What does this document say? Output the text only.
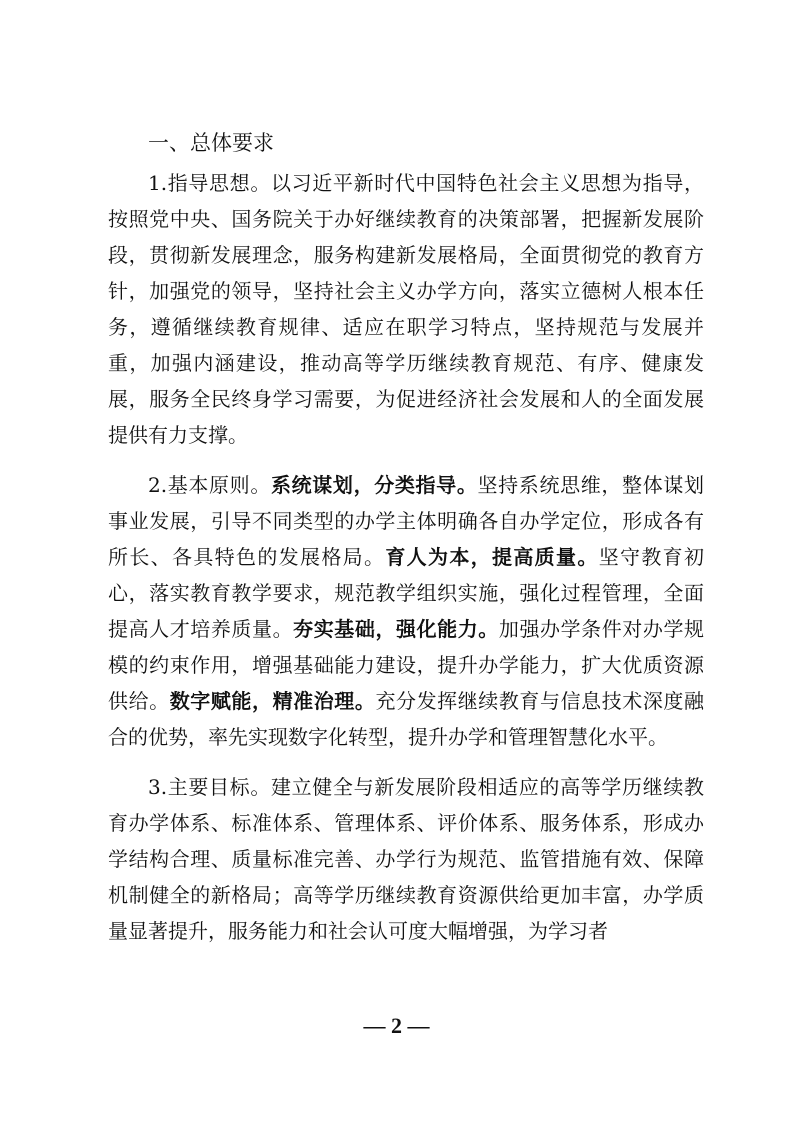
一、总体要求

1.指导思想。以习近平新时代中国特色社会主义思想为指导，按照党中央、国务院关于办好继续教育的决策部署，把握新发展阶段，贯彻新发展理念，服务构建新发展格局，全面贯彻党的教育方针，加强党的领导，坚持社会主义办学方向，落实立德树人根本任务，遵循继续教育规律、适应在职学习特点，坚持规范与发展并重，加强内涵建设，推动高等学历继续教育规范、有序、健康发展，服务全民终身学习需要，为促进经济社会发展和人的全面发展提供有力支撑。

2.基本原则。系统谋划，分类指导。坚持系统思维，整体谋划事业发展，引导不同类型的办学主体明确各自办学定位，形成各有所长、各具特色的发展格局。育人为本，提高质量。坚守教育初心，落实教育教学要求，规范教学组织实施，强化过程管理，全面提高人才培养质量。夯实基础，强化能力。加强办学条件对办学规模的约束作用，增强基础能力建设，提升办学能力，扩大优质资源供给。数字赋能，精准治理。充分发挥继续教育与信息技术深度融合的优势，率先实现数字化转型，提升办学和管理智慧化水平。

3.主要目标。建立健全与新发展阶段相适应的高等学历继续教育办学体系、标准体系、管理体系、评价体系、服务体系，形成办学结构合理、质量标准完善、办学行为规范、监管措施有效、保障机制健全的新格局；高等学历继续教育资源供给更加丰富，办学质量显著提升，服务能力和社会认可度大幅增强，为学习者

— 2 —
